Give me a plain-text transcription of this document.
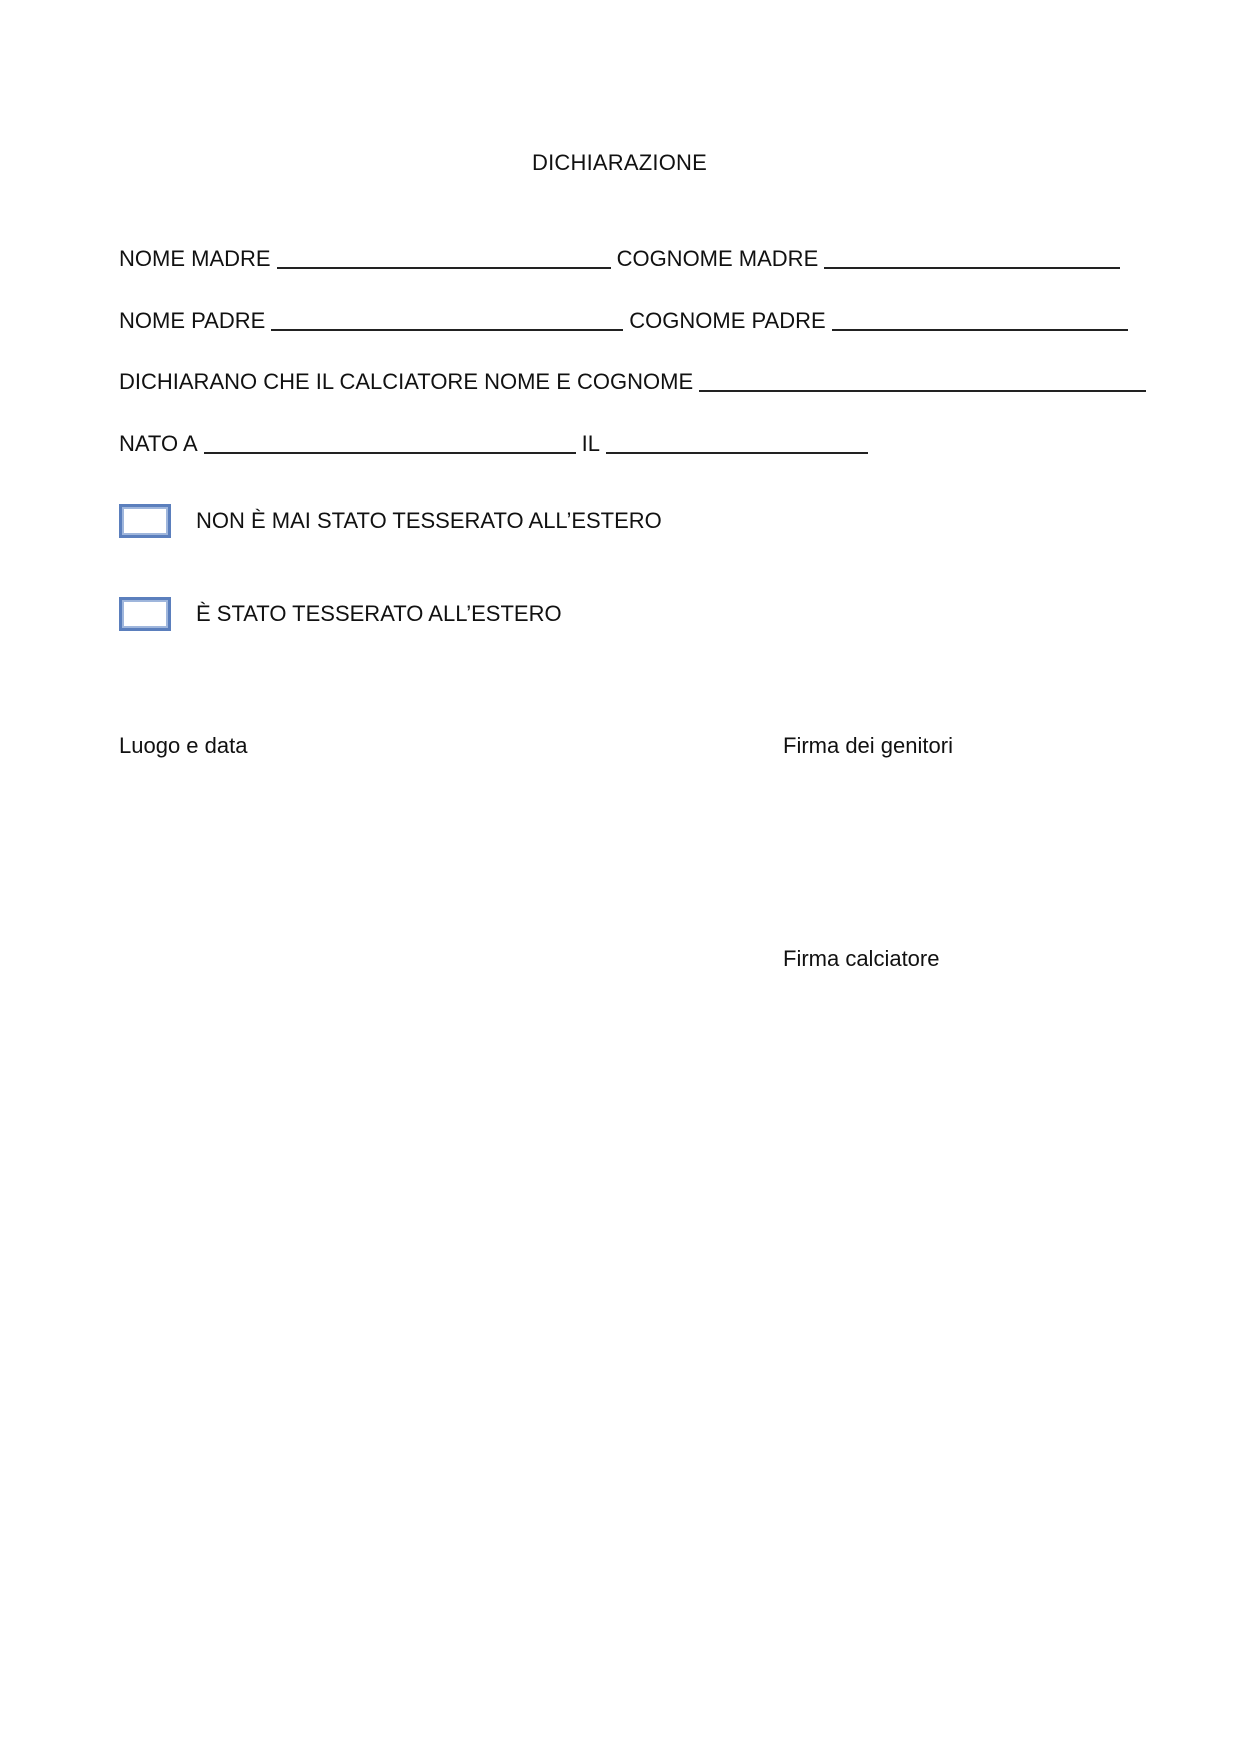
DICHIARAZIONE
NOME MADRE	COGNOME MADRE
NOME PADRE	COGNOME PADRE
DICHIARANO CHE IL CALCIATORE NOME E COGNOME
NATO A	IL
NON È MAI STATO TESSERATO ALL’ESTERO
È STATO TESSERATO ALL’ESTERO
Luogo e data	Firma dei genitori
Firma calciatore
